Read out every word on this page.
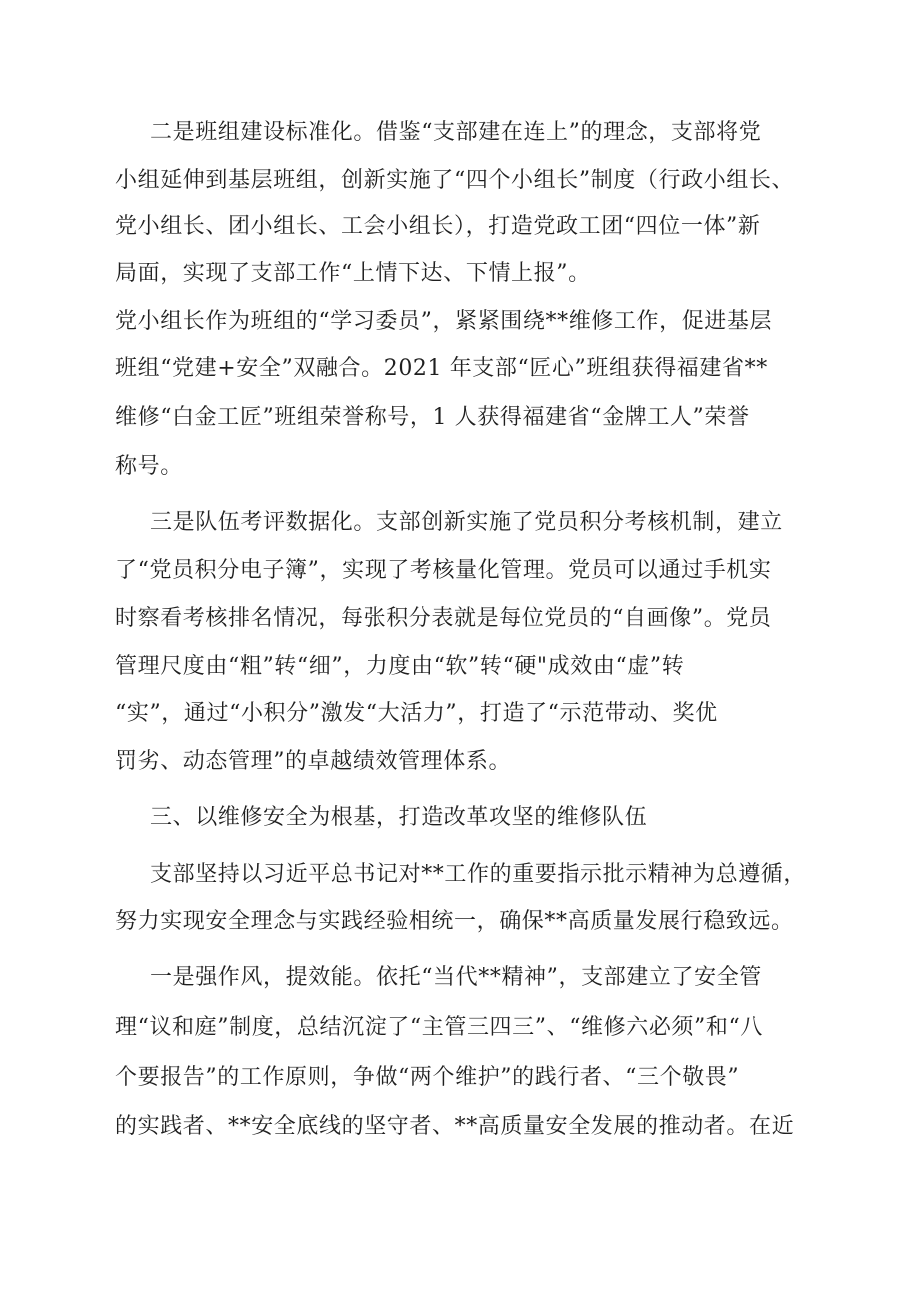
二是班组建设标准化。借鉴“支部建在连上”的理念，支部将党
小组延伸到基层班组，创新实施了“四个小组长”制度（行政小组长、
党小组长、团小组长、工会小组长），打造党政工团“四位一体”新
局面，实现了支部工作“上情下达、下情上报”。
党小组长作为班组的“学习委员”，紧紧围绕**维修工作，促进基层
班组“党建+安全”双融合。2021 年支部“匠心”班组获得福建省**
维修“白金工匠”班组荣誉称号，1 人获得福建省“金牌工人”荣誉
称号。
三是队伍考评数据化。支部创新实施了党员积分考核机制，建立
了“党员积分电子簿”，实现了考核量化管理。党员可以通过手机实
时察看考核排名情况，每张积分表就是每位党员的“自画像”。党员
管理尺度由“粗”转“细”，力度由“软”转“硬"成效由“虚”转
“实”，通过“小积分”激发“大活力”，打造了“示范带动、奖优
罚劣、动态管理”的卓越绩效管理体系。
三、以维修安全为根基，打造改革攻坚的维修队伍
支部坚持以习近平总书记对**工作的重要指示批示精神为总遵循，
努力实现安全理念与实践经验相统一，确保**高质量发展行稳致远。
一是强作风，提效能。依托“当代**精神”，支部建立了安全管
理“议和庭”制度，总结沉淀了“主管三四三”、“维修六必须”和“八
个要报告”的工作原则，争做“两个维护”的践行者、“三个敬畏”
的实践者、**安全底线的坚守者、**高质量安全发展的推动者。在近
